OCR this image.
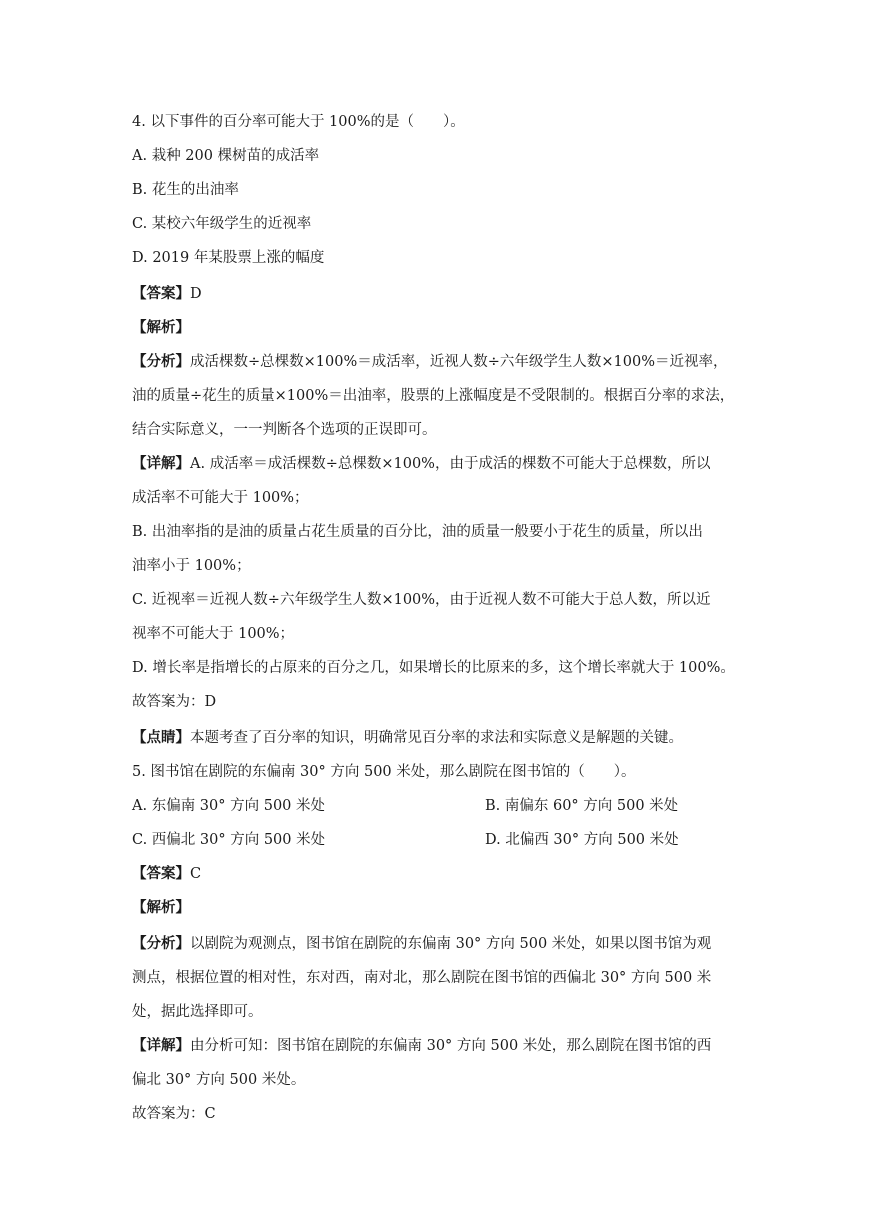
4. 以下事件的百分率可能大于 100%的是（　　）。
A. 栽种 200 棵树苗的成活率
B. 花生的出油率
C. 某校六年级学生的近视率
D. 2019 年某股票上涨的幅度
【答案】D
【解析】
【分析】成活棵数÷总棵数×100%＝成活率，近视人数÷六年级学生人数×100%＝近视率，
油的质量÷花生的质量×100%＝出油率，股票的上涨幅度是不受限制的。根据百分率的求法，
结合实际意义，一一判断各个选项的正误即可。
【详解】A. 成活率＝成活棵数÷总棵数×100%，由于成活的棵数不可能大于总棵数，所以
成活率不可能大于 100%；
B. 出油率指的是油的质量占花生质量的百分比，油的质量一般要小于花生的质量，所以出
油率小于 100%；
C. 近视率＝近视人数÷六年级学生人数×100%，由于近视人数不可能大于总人数，所以近
视率不可能大于 100%；
D. 增长率是指增长的占原来的百分之几，如果增长的比原来的多，这个增长率就大于 100%。
故答案为：D
【点睛】本题考查了百分率的知识，明确常见百分率的求法和实际意义是解题的关键。
5. 图书馆在剧院的东偏南 30° 方向 500 米处，那么剧院在图书馆的（　　）。
A. 东偏南 30° 方向 500 米处	B. 南偏东 60° 方向 500 米处
C. 西偏北 30° 方向 500 米处	D. 北偏西 30° 方向 500 米处
【答案】C
【解析】
【分析】以剧院为观测点，图书馆在剧院的东偏南 30° 方向 500 米处，如果以图书馆为观
测点，根据位置的相对性，东对西，南对北，那么剧院在图书馆的西偏北 30° 方向 500 米
处，据此选择即可。
【详解】由分析可知：图书馆在剧院的东偏南 30° 方向 500 米处，那么剧院在图书馆的西
偏北 30° 方向 500 米处。
故答案为：C
